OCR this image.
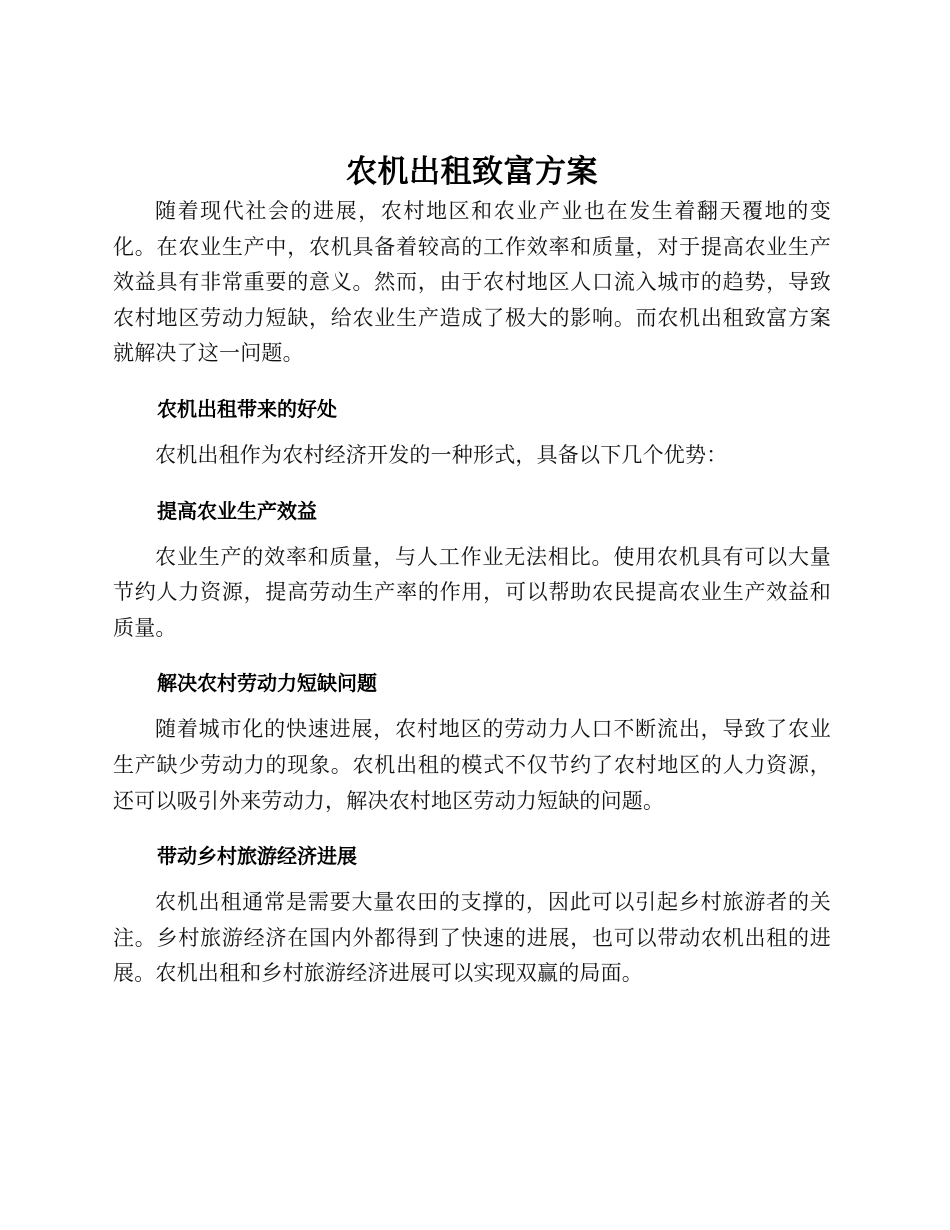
农机出租致富方案

随着现代社会的进展，农村地区和农业产业也在发生着翻天覆地的变化。在农业生产中，农机具备着较高的工作效率和质量，对于提高农业生产效益具有非常重要的意义。然而，由于农村地区人口流入城市的趋势，导致农村地区劳动力短缺，给农业生产造成了极大的影响。而农机出租致富方案就解决了这一问题。

农机出租带来的好处

农机出租作为农村经济开发的一种形式，具备以下几个优势：

提高农业生产效益

农业生产的效率和质量，与人工作业无法相比。使用农机具有可以大量节约人力资源，提高劳动生产率的作用，可以帮助农民提高农业生产效益和质量。

解决农村劳动力短缺问题

随着城市化的快速进展，农村地区的劳动力人口不断流出，导致了农业生产缺少劳动力的现象。农机出租的模式不仅节约了农村地区的人力资源，还可以吸引外来劳动力，解决农村地区劳动力短缺的问题。

带动乡村旅游经济进展

农机出租通常是需要大量农田的支撑的，因此可以引起乡村旅游者的关注。乡村旅游经济在国内外都得到了快速的进展，也可以带动农机出租的进展。农机出租和乡村旅游经济进展可以实现双赢的局面。
